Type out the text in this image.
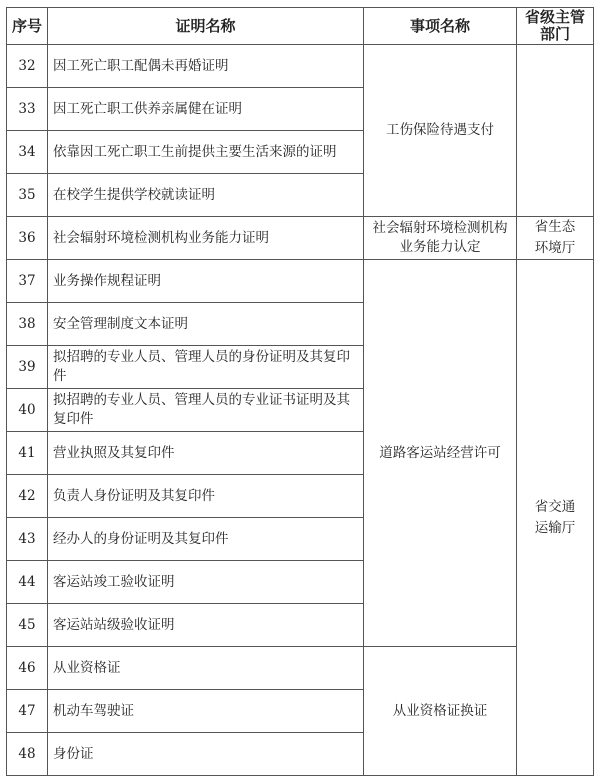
序号	证明名称	事项名称	省级主管部门
32	因工死亡职工配偶未再婚证明	工伤保险待遇支付	
33	因工死亡职工供养亲属健在证明		
34	依靠因工死亡职工生前提供主要生活来源的证明		
35	在校学生提供学校就读证明		
36	社会辐射环境检测机构业务能力证明	社会辐射环境检测机构业务能力认定	省生态环境厅
37	业务操作规程证明	道路客运站经营许可	省交通运输厅
38	安全管理制度文本证明		
39	拟招聘的专业人员、管理人员的身份证明及其复印件		
40	拟招聘的专业人员、管理人员的专业证书证明及其复印件		
41	营业执照及其复印件		
42	负责人身份证明及其复印件		
43	经办人的身份证明及其复印件		
44	客运站竣工验收证明		
45	客运站站级验收证明		
46	从业资格证	从业资格证换证	
47	机动车驾驶证		
48	身份证		
